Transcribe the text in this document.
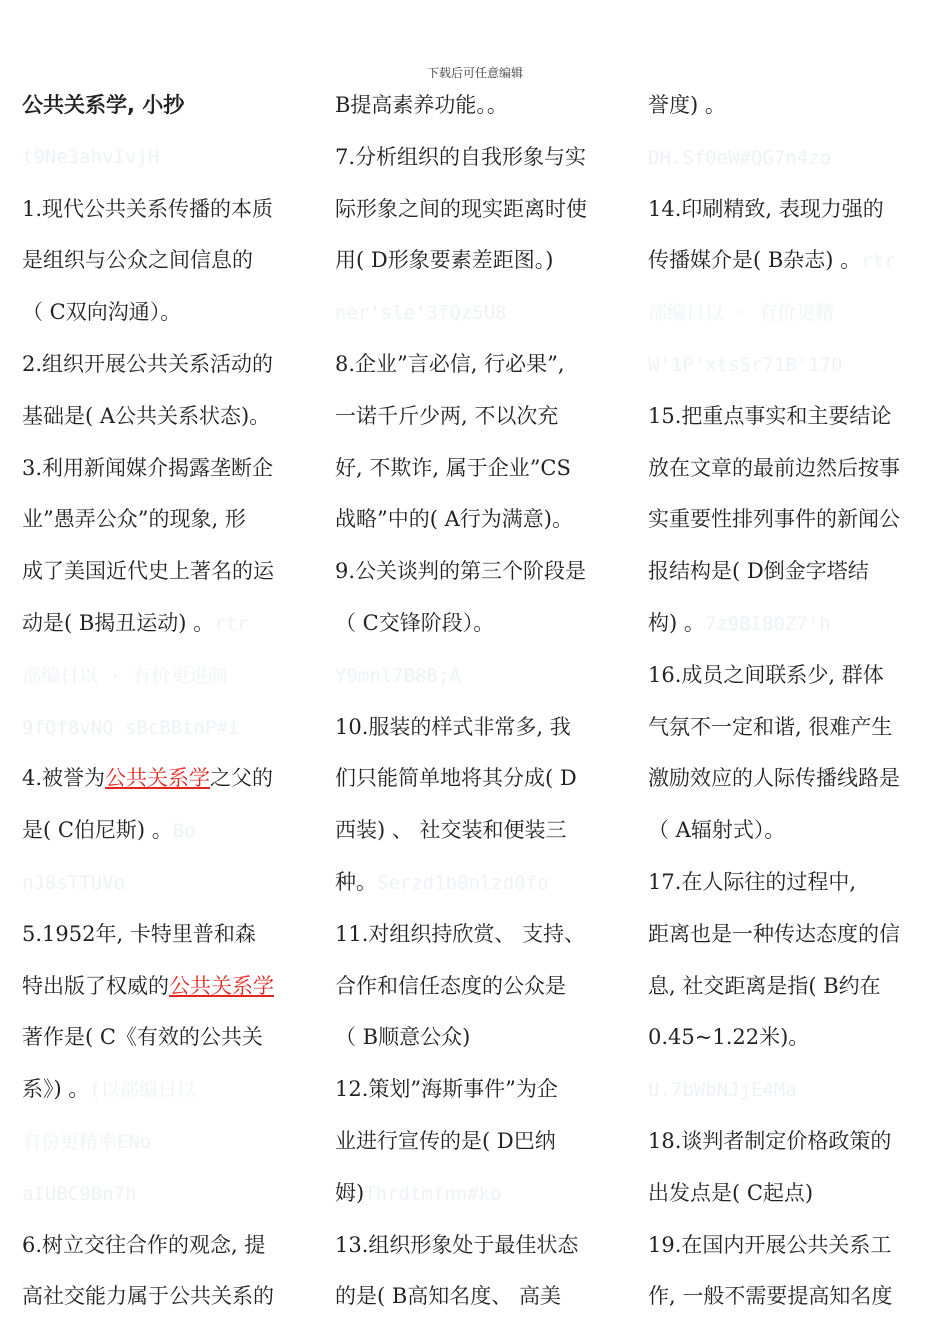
下载后可任意编辑
公共关系学, 小抄
t9Ne3ahvIvjH
1.现代公共关系传播的本质
是组织与公众之间信息的
（ C双向沟通）。
2.组织开展公共关系活动的
基础是( A公共关系状态)。
3.利用新闻媒介揭露垄断企
业”愚弄公众”的现象, 形
成了美国近代史上著名的运
动是( B揭丑运动) 。rtr
部编日以 · 有价更进制
9fQf8vNQ sBcBBtnP#i
4.被誉为公共关系学之父的
是( C伯尼斯) 。Bo
nJ8sTTUVo
5.1952年, 卡特里普和森
特出版了权威的公共关系学
著作是( C《有效的公共关
系》) 。(以部编日以
有份更精率ENo
aIUBC9Bn7h
6.树立交往合作的观念, 提
高社交能力属于公共关系的
B提高素养功能。。
7.分析组织的自我形象与实
际形象之间的现实距离时使
用( D形象要素差距图。)
ner'sle'3fQz5U8
8.企业”言必信, 行必果”,
一诺千斤少两, 不以次充
好, 不欺诈, 属于企业”CS
战略”中的( A行为满意)。
9.公关谈判的第三个阶段是
（ C交锋阶段）。
Y9mnl7B8B;A
10.服装的样式非常多, 我
们只能简单地将其分成( D
西装) 、 社交装和便装三
种。Serzd1b0nlzd0fo
11.对组织持欣赏、 支持、
合作和信任态度的公众是
（ B顺意公众)
12.策划”海斯事件”为企
业进行宣传的是( D巴纳
姆)Thrdtmfnn#ko
13.组织形象处于最佳状态
的是( B高知名度、 高美
誉度) 。
DH.Sf0eW#QG7n4zo
14.印刷精致, 表现力强的
传播媒介是( B杂志) 。rtr
部编日以 · 有价更精
W'1P'xtsSr71B'170
15.把重点事实和主要结论
放在文章的最前边然后按事
实重要性排列事件的新闻公
报结构是( D倒金字塔结
构) 。7z9BIB0Z7'h
16.成员之间联系少, 群体
气氛不一定和谐, 很难产生
激励效应的人际传播线路是
（ A辐射式）。
17.在人际往的过程中,
距离也是一种传达态度的信
息, 社交距离是指( B约在
0.45~1.22米)。
U.7bWbNJjE4Ma
18.谈判者制定价格政策的
出发点是( C起点)
19.在国内开展公共关系工
作, 一般不需要提高知名度
